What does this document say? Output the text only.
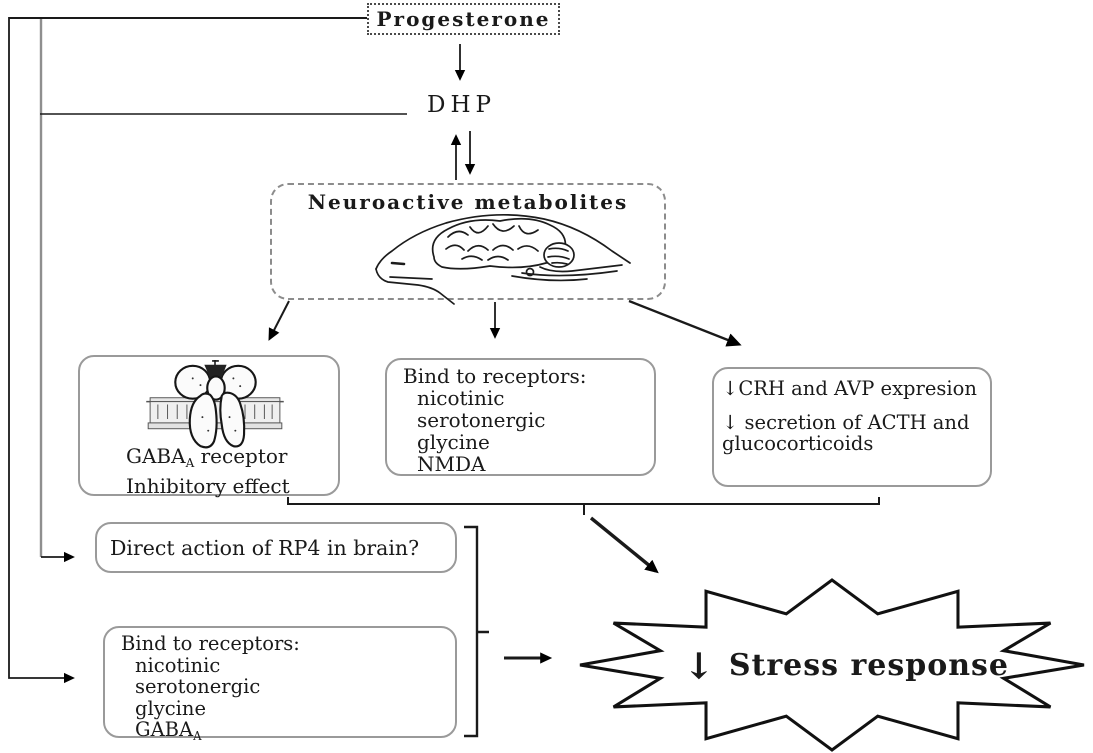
Progesterone
DHP
Neuroactive metabolites
$GABA_A$ receptor
Inhibitory effect
Bind to receptors:
nicotinic
serotonergic
glycine
NMDA
↓CRH and AVP expresion
↓ secretion of ACTH and
glucocorticoids
Direct action of RP4 in brain?
Bind to receptors:
nicotinic
serotonergic
glycine
$GABA_A$
↓ Stress response
